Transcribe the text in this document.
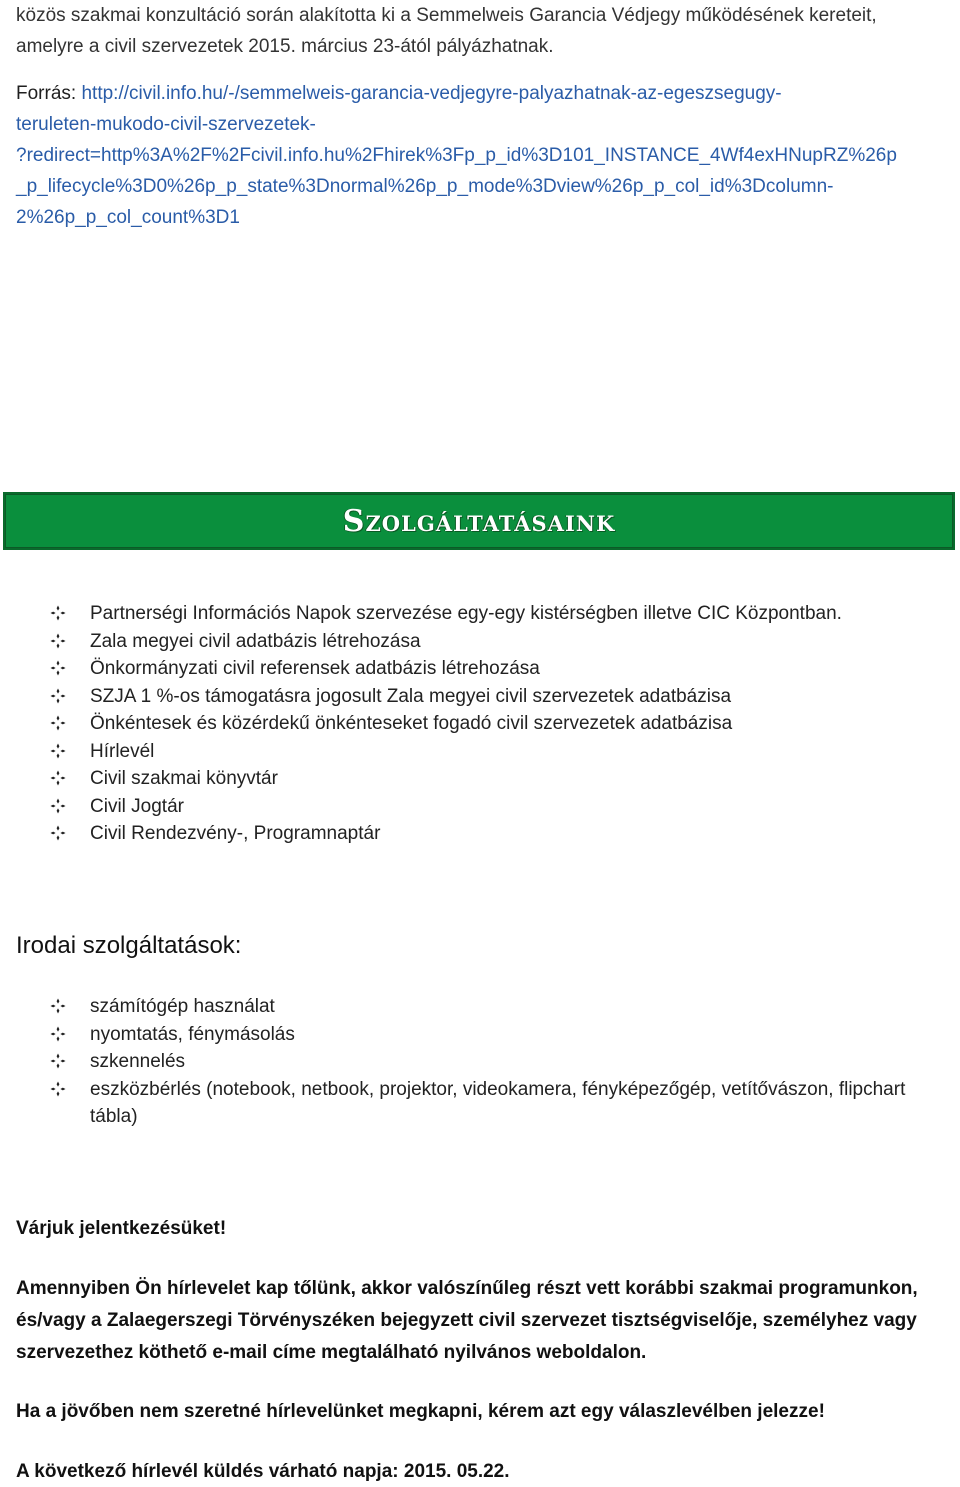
közös szakmai konzultáció során alakította ki a Semmelweis Garancia Védjegy működésének kereteit,

amelyre a civil szervezetek 2015. március 23-ától pályázhatnak.

Forrás: http://civil.info.hu/-/semmelweis-garancia-vedjegyre-palyazhatnak-az-egeszsegugy-
teruleten-mukodo-civil-szervezetek-
?redirect=http%3A%2F%2Fcivil.info.hu%2Fhirek%3Fp_p_id%3D101_INSTANCE_4Wf4exHNupRZ%26p
_p_lifecycle%3D0%26p_p_state%3Dnormal%26p_p_mode%3Dview%26p_p_col_id%3Dcolumn-
2%26p_p_col_count%3D1
SZOLGÁLTATÁSAINK
Partnerségi Információs Napok szervezése egy-egy kistérségben illetve CIC Központban.
Zala megyei civil adatbázis létrehozása
Önkormányzati civil referensek adatbázis létrehozása
SZJA 1 %-os támogatásra jogosult Zala megyei civil szervezetek adatbázisa
Önkéntesek és közérdekű önkénteseket fogadó civil szervezetek adatbázisa
Hírlevél
Civil szakmai könyvtár
Civil Jogtár
Civil Rendezvény-, Programnaptár
Irodai szolgáltatások:
számítógép használat
nyomtatás, fénymásolás
szkennelés
eszközbérlés (notebook, netbook, projektor, videokamera, fényképezőgép, vetítővászon, flipchart tábla)

Várjuk jelentkezésüket!

Amennyiben Ön hírlevelet kap tőlünk, akkor valószínűleg részt vett korábbi szakmai programunkon, és/vagy a Zalaegerszegi Törvényszéken bejegyzett civil szervezet tisztségviselője, személyhez vagy szervezethez köthető e-mail címe megtalálható nyilvános weboldalon.

Ha a jövőben nem szeretné hírlevelünket megkapni, kérem azt egy válaszlevélben jelezze!

A következő hírlevél küldés várható napja: 2015. 05.22.
